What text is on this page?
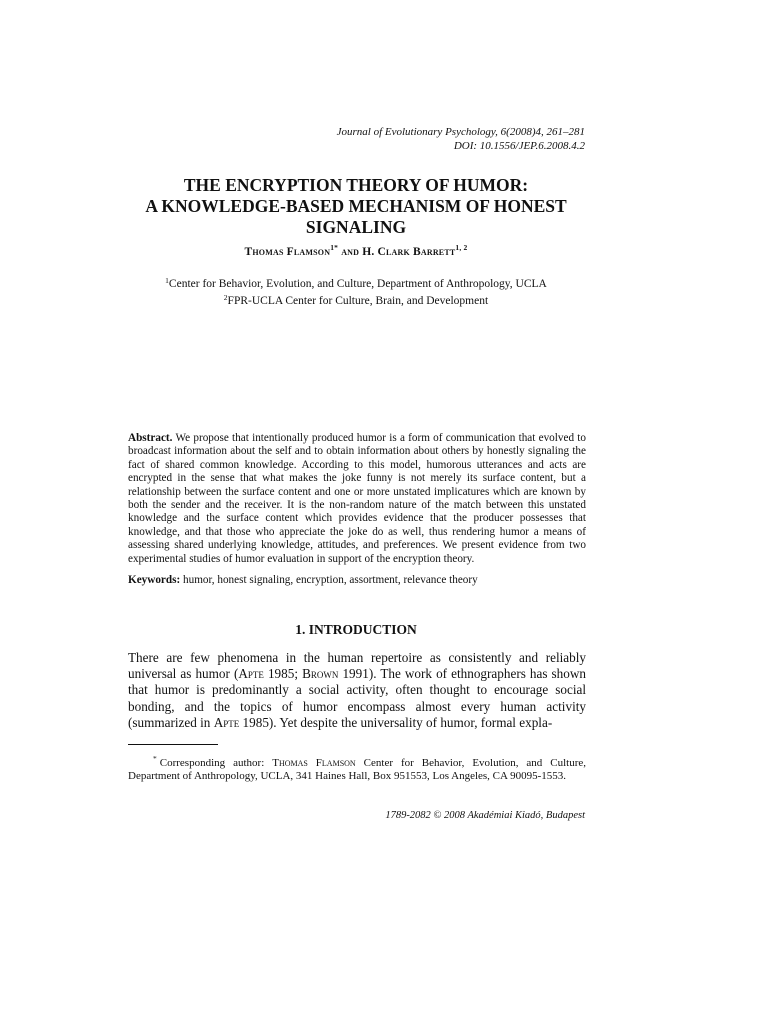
Journal of Evolutionary Psychology, 6(2008)4, 261–281
DOI: 10.1556/JEP.6.2008.4.2
THE ENCRYPTION THEORY OF HUMOR:
A KNOWLEDGE-BASED MECHANISM OF HONEST
SIGNALING
Thomas Flamson$^{1*}$ and H. Clark Barrett$^{1, 2}$
$^1$Center for Behavior, Evolution, and Culture, Department of Anthropology, UCLA
$^2$FPR-UCLA Center for Culture, Brain, and Development
Abstract. We propose that intentionally produced humor is a form of communication that evolved to broadcast information about the self and to obtain information about others by honestly signaling the fact of shared common knowledge. According to this model, humorous utterances and acts are encrypted in the sense that what makes the joke funny is not merely its surface content, but a relationship between the surface content and one or more unstated implicatures which are known by both the sender and the receiver. It is the non-random nature of the match between this unstated knowledge and the surface content which provides evidence that the producer possesses that knowledge, and that those who appreciate the joke do as well, thus rendering humor a means of assessing shared underlying knowledge, attitudes, and preferences. We present evidence from two experimental studies of humor evaluation in support of the encryption theory.
Keywords: humor, honest signaling, encryption, assortment, relevance theory
1. INTRODUCTION
There are few phenomena in the human repertoire as consistently and reliably universal as humor (Apte 1985; Brown 1991). The work of ethnographers has shown that humor is predominantly a social activity, often thought to encourage social bonding, and the topics of humor encompass almost every human activity (summarized in Apte 1985). Yet despite the universality of humor, formal expla-
* Corresponding author: Thomas Flamson Center for Behavior, Evolution, and Culture, Department of Anthropology, UCLA, 341 Haines Hall, Box 951553, Los Angeles, CA 90095-1553.
1789-2082 © 2008 Akadémiai Kiadó, Budapest
